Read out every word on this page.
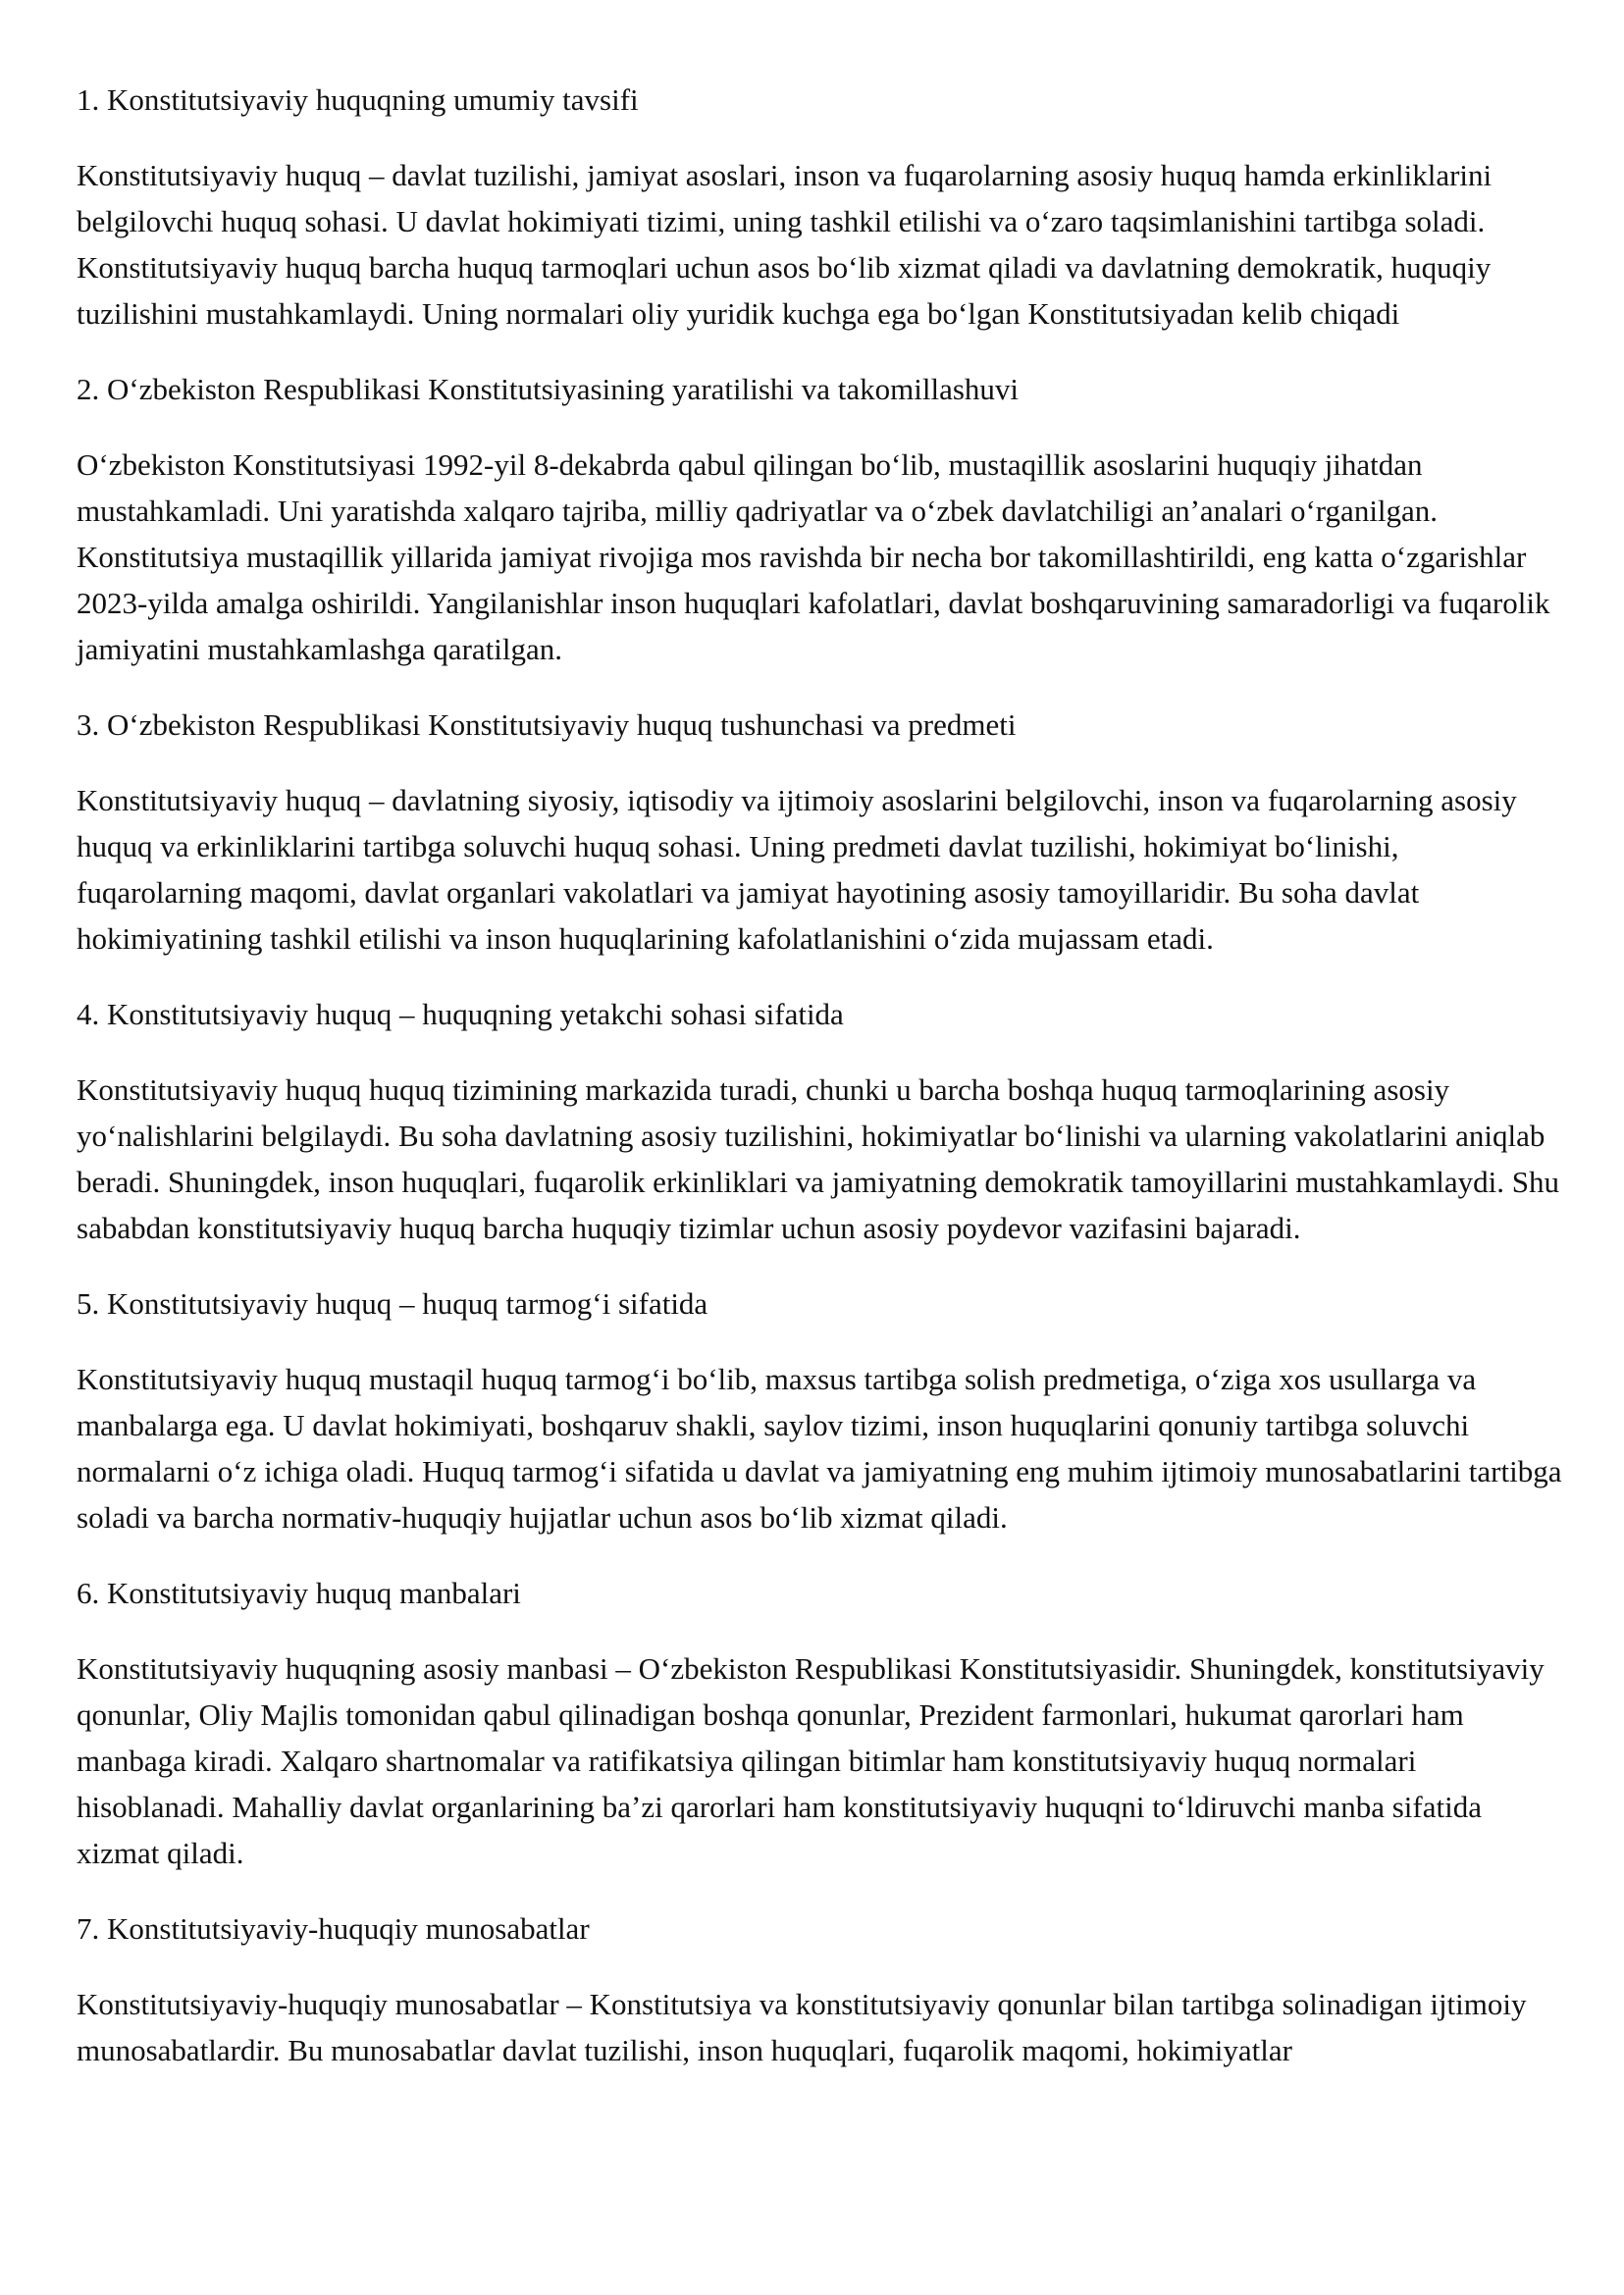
1. Konstitutsiyaviy huquqning umumiy tavsifi

Konstitutsiyaviy huquq – davlat tuzilishi, jamiyat asoslari, inson va fuqarolarning asosiy huquq hamda erkinliklarini belgilovchi huquq sohasi. U davlat hokimiyati tizimi, uning tashkil etilishi va oʻzaro taqsimlanishini tartibga soladi. Konstitutsiyaviy huquq barcha huquq tarmoqlari uchun asos boʻlib xizmat qiladi va davlatning demokratik, huquqiy tuzilishini mustahkamlaydi. Uning normalari oliy yuridik kuchga ega boʻlgan Konstitutsiyadan kelib chiqadi

2. Oʻzbekiston Respublikasi Konstitutsiyasining yaratilishi va takomillashuvi

Oʻzbekiston Konstitutsiyasi 1992-yil 8-dekabrda qabul qilingan boʻlib, mustaqillik asoslarini huquqiy jihatdan mustahkamladi. Uni yaratishda xalqaro tajriba, milliy qadriyatlar va oʻzbek davlatchiligi anʼanalari oʻrganilgan. Konstitutsiya mustaqillik yillarida jamiyat rivojiga mos ravishda bir necha bor takomillashtirildi, eng katta oʻzgarishlar 2023-yilda amalga oshirildi. Yangilanishlar inson huquqlari kafolatlari, davlat boshqaruvining samaradorligi va fuqarolik jamiyatini mustahkamlashga qaratilgan.

3. Oʻzbekiston Respublikasi Konstitutsiyaviy huquq tushunchasi va predmeti

Konstitutsiyaviy huquq – davlatning siyosiy, iqtisodiy va ijtimoiy asoslarini belgilovchi, inson va fuqarolarning asosiy huquq va erkinliklarini tartibga soluvchi huquq sohasi. Uning predmeti davlat tuzilishi, hokimiyat boʻlinishi, fuqarolarning maqomi, davlat organlari vakolatlari va jamiyat hayotining asosiy tamoyillaridir. Bu soha davlat hokimiyatining tashkil etilishi va inson huquqlarining kafolatlanishini oʻzida mujassam etadi.

4. Konstitutsiyaviy huquq – huquqning yetakchi sohasi sifatida

Konstitutsiyaviy huquq huquq tizimining markazida turadi, chunki u barcha boshqa huquq tarmoqlarining asosiy yoʻnalishlarini belgilaydi. Bu soha davlatning asosiy tuzilishini, hokimiyatlar boʻlinishi va ularning vakolatlarini aniqlab beradi. Shuningdek, inson huquqlari, fuqarolik erkinliklari va jamiyatning demokratik tamoyillarini mustahkamlaydi. Shu sababdan konstitutsiyaviy huquq barcha huquqiy tizimlar uchun asosiy poydevor vazifasini bajaradi.

5. Konstitutsiyaviy huquq – huquq tarmogʻi sifatida

Konstitutsiyaviy huquq mustaqil huquq tarmogʻi boʻlib, maxsus tartibga solish predmetiga, oʻziga xos usullarga va manbalarga ega. U davlat hokimiyati, boshqaruv shakli, saylov tizimi, inson huquqlarini qonuniy tartibga soluvchi normalarni oʻz ichiga oladi. Huquq tarmogʻi sifatida u davlat va jamiyatning eng muhim ijtimoiy munosabatlarini tartibga soladi va barcha normativ-huquqiy hujjatlar uchun asos boʻlib xizmat qiladi.

6. Konstitutsiyaviy huquq manbalari

Konstitutsiyaviy huquqning asosiy manbasi – Oʻzbekiston Respublikasi Konstitutsiyasidir. Shuningdek, konstitutsiyaviy qonunlar, Oliy Majlis tomonidan qabul qilinadigan boshqa qonunlar, Prezident farmonlari, hukumat qarorlari ham manbaga kiradi. Xalqaro shartnomalar va ratifikatsiya qilingan bitimlar ham konstitutsiyaviy huquq normalari hisoblanadi. Mahalliy davlat organlarining baʼzi qarorlari ham konstitutsiyaviy huquqni toʻldiruvchi manba sifatida xizmat qiladi.

7. Konstitutsiyaviy-huquqiy munosabatlar

Konstitutsiyaviy-huquqiy munosabatlar – Konstitutsiya va konstitutsiyaviy qonunlar bilan tartibga solinadigan ijtimoiy munosabatlardir. Bu munosabatlar davlat tuzilishi, inson huquqlari, fuqarolik maqomi, hokimiyatlar
